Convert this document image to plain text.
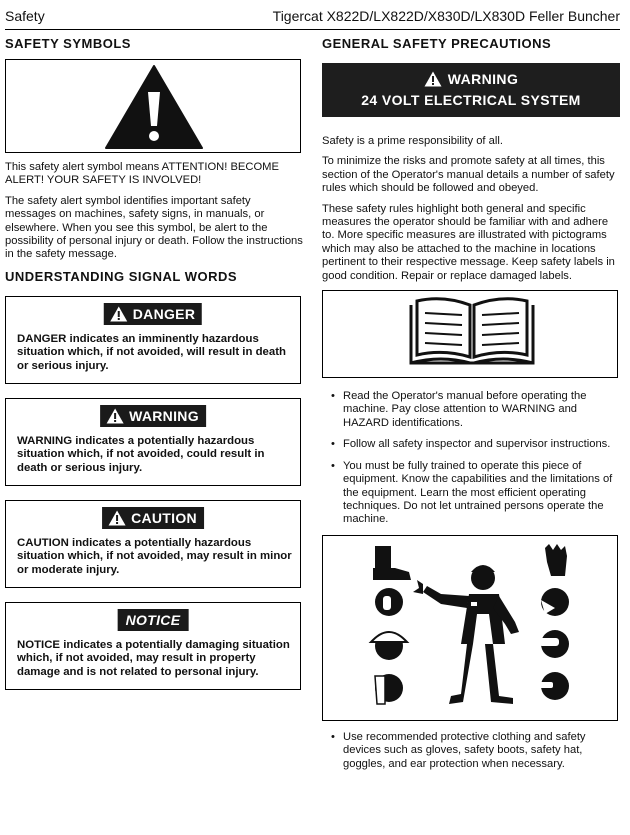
Safety	Tigercat X822D/LX822D/X830D/LX830D Feller Buncher
SAFETY SYMBOLS

This safety alert symbol means ATTENTION! BECOME ALERT! YOUR SAFETY IS INVOLVED!

The safety alert symbol identifies important safety messages on machines, safety signs, in manuals, or elsewhere. When you see this symbol, be alert to the possibility of personal injury or death. Follow the instructions in the safety message.

UNDERSTANDING SIGNAL WORDS
DANGER
DANGER indicates an imminently hazardous situation which, if not avoided, will result in death or serious injury.
WARNING
WARNING indicates a potentially hazardous situation which, if not avoided, could result in death or serious injury.
CAUTION
CAUTION indicates a potentially hazardous situation which, if not avoided, may result in minor or moderate injury.
NOTICE
NOTICE indicates a potentially damaging situation which, if not avoided, may result in property damage and is not related to personal injury.
GENERAL SAFETY PRECAUTIONS
WARNING
24 VOLT ELECTRICAL SYSTEM

Safety is a prime responsibility of all.

To minimize the risks and promote safety at all times, this section of the Operator's manual details a number of safety rules which should be followed and obeyed.

These safety rules highlight both general and specific measures the operator should be familiar with and adhere to. More specific measures are illustrated with pictograms which may also be attached to the machine in locations pertinent to their respective message. Keep safety labels in good condition. Repair or replace damaged labels.

• Read the Operator's manual before operating the machine. Pay close attention to WARNING and HAZARD identifications.
• Follow all safety inspector and supervisor instructions.
• You must be fully trained to operate this piece of equipment. Know the capabilities and the limitations of the equipment. Learn the most efficient operating techniques. Do not let untrained persons operate the machine.
• Use recommended protective clothing and safety devices such as gloves, safety boots, safety hat, goggles, and ear protection when necessary.
